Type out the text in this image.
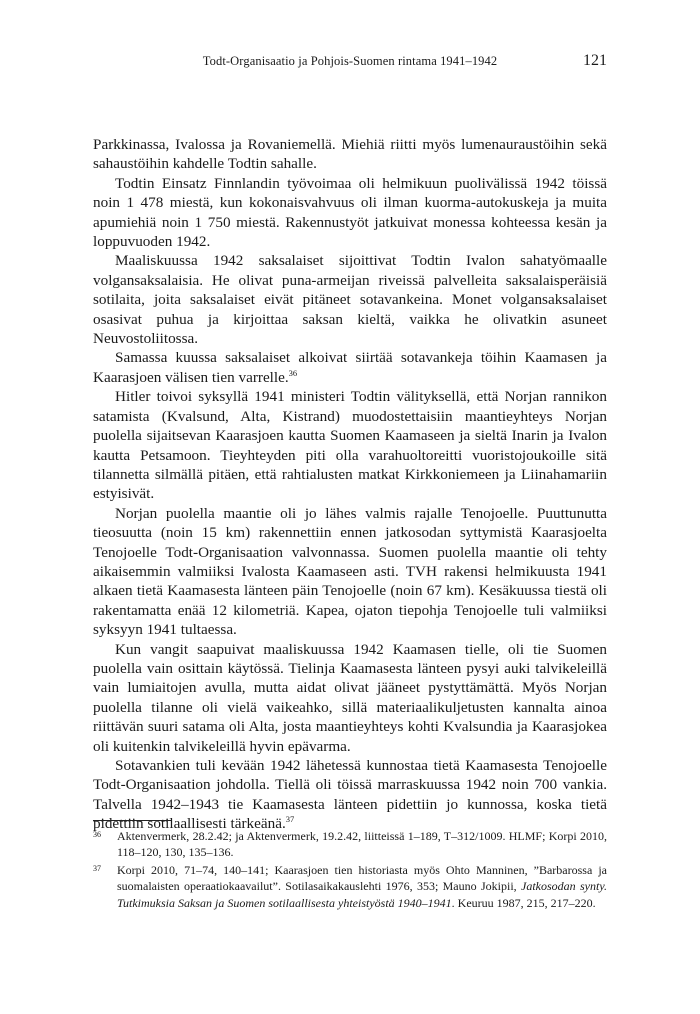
Todt-Organisaatio ja Pohjois-Suomen rintama 1941–1942	121

Parkkinassa, Ivalossa ja Rovaniemellä. Miehiä riitti myös lumenauraustöihin sekä sahaustöihin kahdelle Todtin sahalle.

Todtin Einsatz Finnlandin työvoimaa oli helmikuun puolivälissä 1942 töissä noin 1 478 miestä, kun kokonaisvahvuus oli ilman kuorma-autokuskeja ja muita apumiehiä noin 1 750 miestä. Rakennustyöt jatkuivat monessa kohteessa kesän ja loppuvuoden 1942.

Maaliskuussa 1942 saksalaiset sijoittivat Todtin Ivalon sahatyömaalle volgansaksalaisia. He olivat puna-armeijan riveissä palvelleita saksalaisperäisiä sotilaita, joita saksalaiset eivät pitäneet sotavankeina. Monet volgansaksalaiset osasivat puhua ja kirjoittaa saksan kieltä, vaikka he olivatkin asuneet Neuvostoliitossa.

Samassa kuussa saksalaiset alkoivat siirtää sotavankeja töihin Kaamasen ja Kaarasjoen välisen tien varrelle.$^{36}$

Hitler toivoi syksyllä 1941 ministeri Todtin välityksellä, että Norjan rannikon satamista (Kvalsund, Alta, Kistrand) muodostettaisiin maantieyhteys Norjan puolella sijaitsevan Kaarasjoen kautta Suomen Kaamaseen ja sieltä Inarin ja Ivalon kautta Petsamoon. Tieyhteyden piti olla varahuoltoreitti vuoristojoukoille sitä tilannetta silmällä pitäen, että rahtialusten matkat Kirkkoniemeen ja Liinahamariin estyisivät.

Norjan puolella maantie oli jo lähes valmis rajalle Tenojoelle. Puuttunutta tieosuutta (noin 15 km) rakennettiin ennen jatkosodan syttymistä Kaarasjoelta Tenojoelle Todt-Organisaation valvonnassa. Suomen puolella maantie oli tehty aikaisemmin valmiiksi Ivalosta Kaamaseen asti. TVH rakensi helmikuusta 1941 alkaen tietä Kaamasesta länteen päin Tenojoelle (noin 67 km). Kesäkuussa tiestä oli rakentamatta enää 12 kilometriä. Kapea, ojaton tiepohja Tenojoelle tuli valmiiksi syksyyn 1941 tultaessa.

Kun vangit saapuivat maaliskuussa 1942 Kaamasen tielle, oli tie Suomen puolella vain osittain käytössä. Tielinja Kaamasesta länteen pysyi auki talvikeleillä vain lumiaitojen avulla, mutta aidat olivat jääneet pystyttämättä. Myös Norjan puolella tilanne oli vielä vaikeahko, sillä materiaalikuljetusten kannalta ainoa riittävän suuri satama oli Alta, josta maantieyhteys kohti Kvalsundia ja Kaarasjokea oli kuitenkin talvikeleillä hyvin epävarma.

Sotavankien tuli kevään 1942 lähetessä kunnostaa tietä Kaamasesta Tenojoelle Todt-Organisaation johdolla. Tiellä oli töissä marraskuussa 1942 noin 700 vankia. Talvella 1942–1943 tie Kaamasesta länteen pidettiin jo kunnossa, koska tietä pidettiin sotilaallisesti tärkeänä.$^{37}$

36 Aktenvermerk, 28.2.42; ja Aktenvermerk, 19.2.42, liitteissä 1–189, T–312/1009. HLMF; Korpi 2010, 118–120, 130, 135–136.
37 Korpi 2010, 71–74, 140–141; Kaarasjoen tien historiasta myös Ohto Manninen, ”Barbarossa ja suomalaisten operaatiokaavailut”. Sotilasaikakauslehti 1976, 353; Mauno Jokipii, Jatkosodan synty. Tutkimuksia Saksan ja Suomen sotilaallisesta yhteistyöstä 1940–1941. Keuruu 1987, 215, 217–220.
